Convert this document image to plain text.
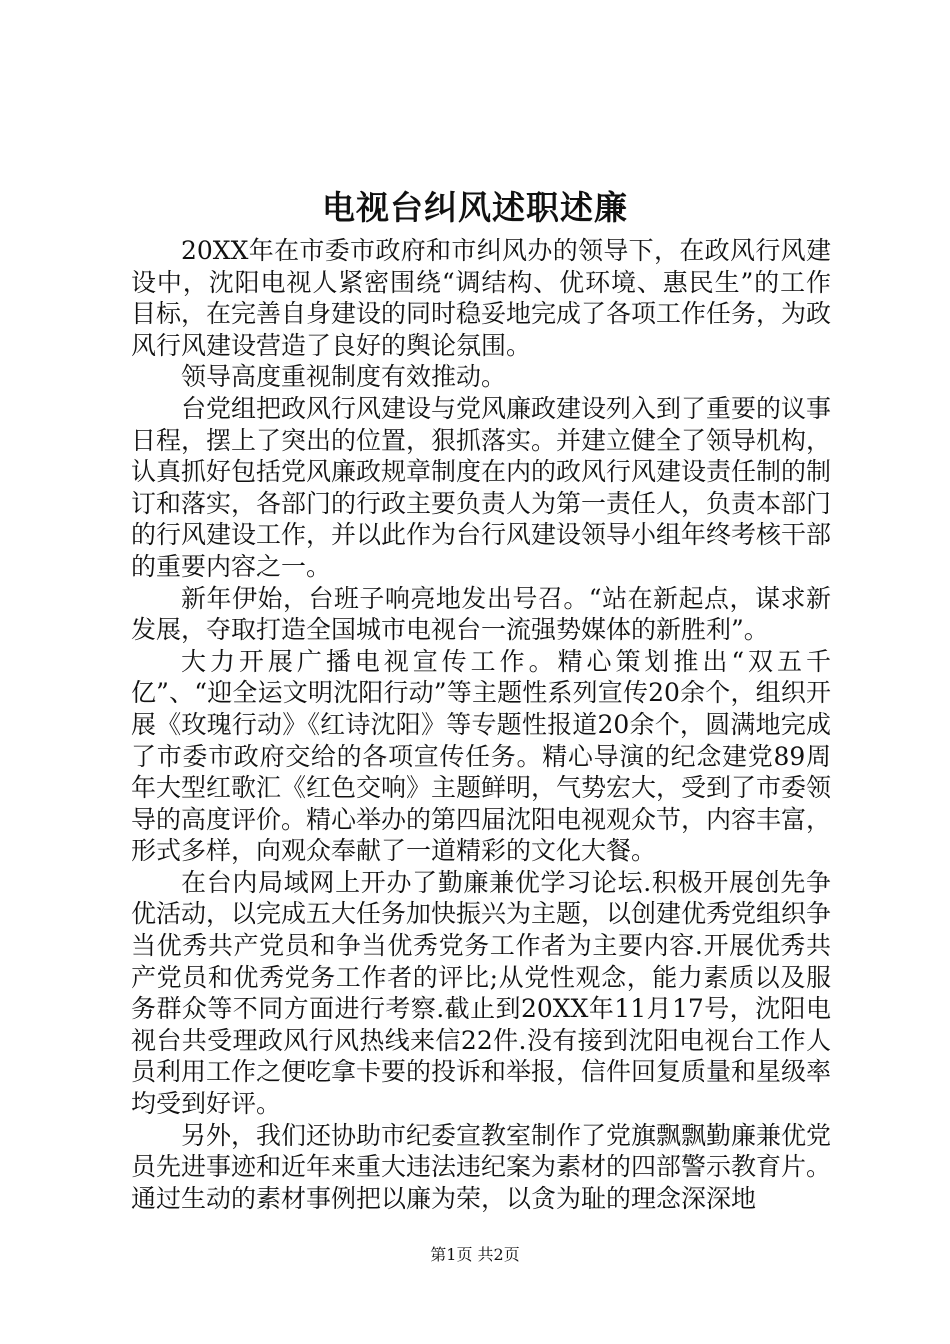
电视台纠风述职述廉

20XX年在市委市政府和市纠风办的领导下，在政风行风建设中，沈阳电视人紧密围绕“调结构、优环境、惠民生”的工作目标，在完善自身建设的同时稳妥地完成了各项工作任务，为政风行风建设营造了良好的舆论氛围。

领导高度重视制度有效推动。

台党组把政风行风建设与党风廉政建设列入到了重要的议事日程，摆上了突出的位置，狠抓落实。并建立健全了领导机构，认真抓好包括党风廉政规章制度在内的政风行风建设责任制的制订和落实，各部门的行政主要负责人为第一责任人，负责本部门的行风建设工作，并以此作为台行风建设领导小组年终考核干部的重要内容之一。

新年伊始，台班子响亮地发出号召。“站在新起点，谋求新发展，夺取打造全国城市电视台一流强势媒体的新胜利”。

大力开展广播电视宣传工作。精心策划推出“双五千亿”、“迎全运文明沈阳行动”等主题性系列宣传20余个，组织开展《玫瑰行动》《红诗沈阳》等专题性报道20余个，圆满地完成了市委市政府交给的各项宣传任务。精心导演的纪念建党89周年大型红歌汇《红色交响》主题鲜明，气势宏大，受到了市委领导的高度评价。精心举办的第四届沈阳电视观众节，内容丰富，形式多样，向观众奉献了一道精彩的文化大餐。

在台内局域网上开办了勤廉兼优学习论坛.积极开展创先争优活动，以完成五大任务加快振兴为主题，以创建优秀党组织争当优秀共产党员和争当优秀党务工作者为主要内容.开展优秀共产党员和优秀党务工作者的评比;从党性观念，能力素质以及服务群众等不同方面进行考察.截止到20XX年11月17号，沈阳电视台共受理政风行风热线来信22件.没有接到沈阳电视台工作人员利用工作之便吃拿卡要的投诉和举报，信件回复质量和星级率均受到好评。

另外，我们还协助市纪委宣教室制作了党旗飘飘勤廉兼优党员先进事迹和近年来重大违法违纪案为素材的四部警示教育片。通过生动的素材事例把以廉为荣，以贪为耻的理念深深地

第1页 共2页
